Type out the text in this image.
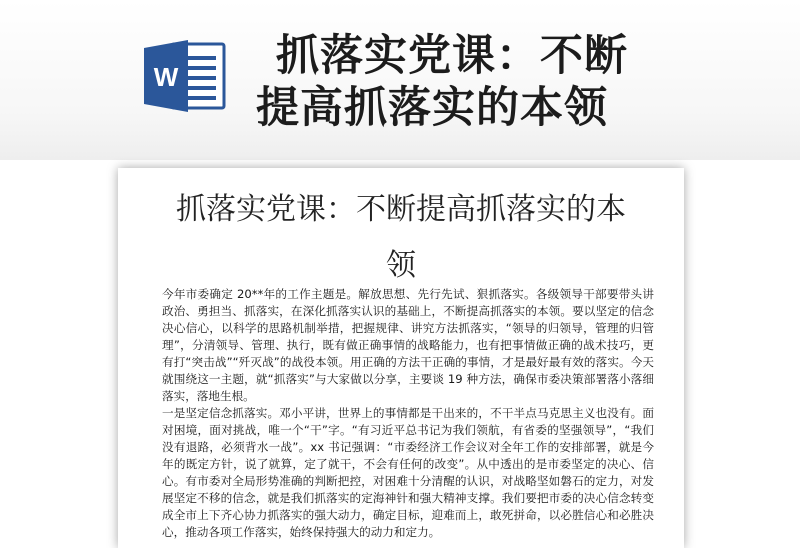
W	抓落实党课：不断
提高抓落实的本领
抓落实党课：不断提高抓落实的本
领

今年市委确定 20**年的工作主题是。解放思想、先行先试、狠抓落实。各级领导干部要带头讲政治、勇担当、抓落实，在深化抓落实认识的基础上，不断提高抓落实的本领。要以坚定的信念决心信心，以科学的思路机制举措，把握规律、讲究方法抓落实，“领导的归领导，管理的归管理”，分清领导、管理、执行，既有做正确事情的战略能力，也有把事情做正确的战术技巧，更有打“突击战”“歼灭战”的战役本领。用正确的方法干正确的事情，才是最好最有效的落实。今天就围绕这一主题，就“抓落实”与大家做以分享，主要谈 19 种方法，确保市委决策部署落小落细落实，落地生根。

一是坚定信念抓落实。邓小平讲，世界上的事情都是干出来的，不干半点马克思主义也没有。面对困境，面对挑战，唯一个“干”字。“有习近平总书记为我们领航，有省委的坚强领导”，“我们没有退路，必须背水一战”。xx 书记强调：“市委经济工作会议对全年工作的安排部署，就是今年的既定方针，说了就算，定了就干，不会有任何的改变”。从中透出的是市委坚定的决心、信心。有市委对全局形势准确的判断把控，对困难十分清醒的认识，对战略坚如磐石的定力，对发展坚定不移的信念，就是我们抓落实的定海神针和强大精神支撑。我们要把市委的决心信念转变成全市上下齐心协力抓落实的强大动力，确定目标，迎难而上，敢死拼命，以必胜信心和必胜决心，推动各项工作落实，始终保持强大的动力和定力。
